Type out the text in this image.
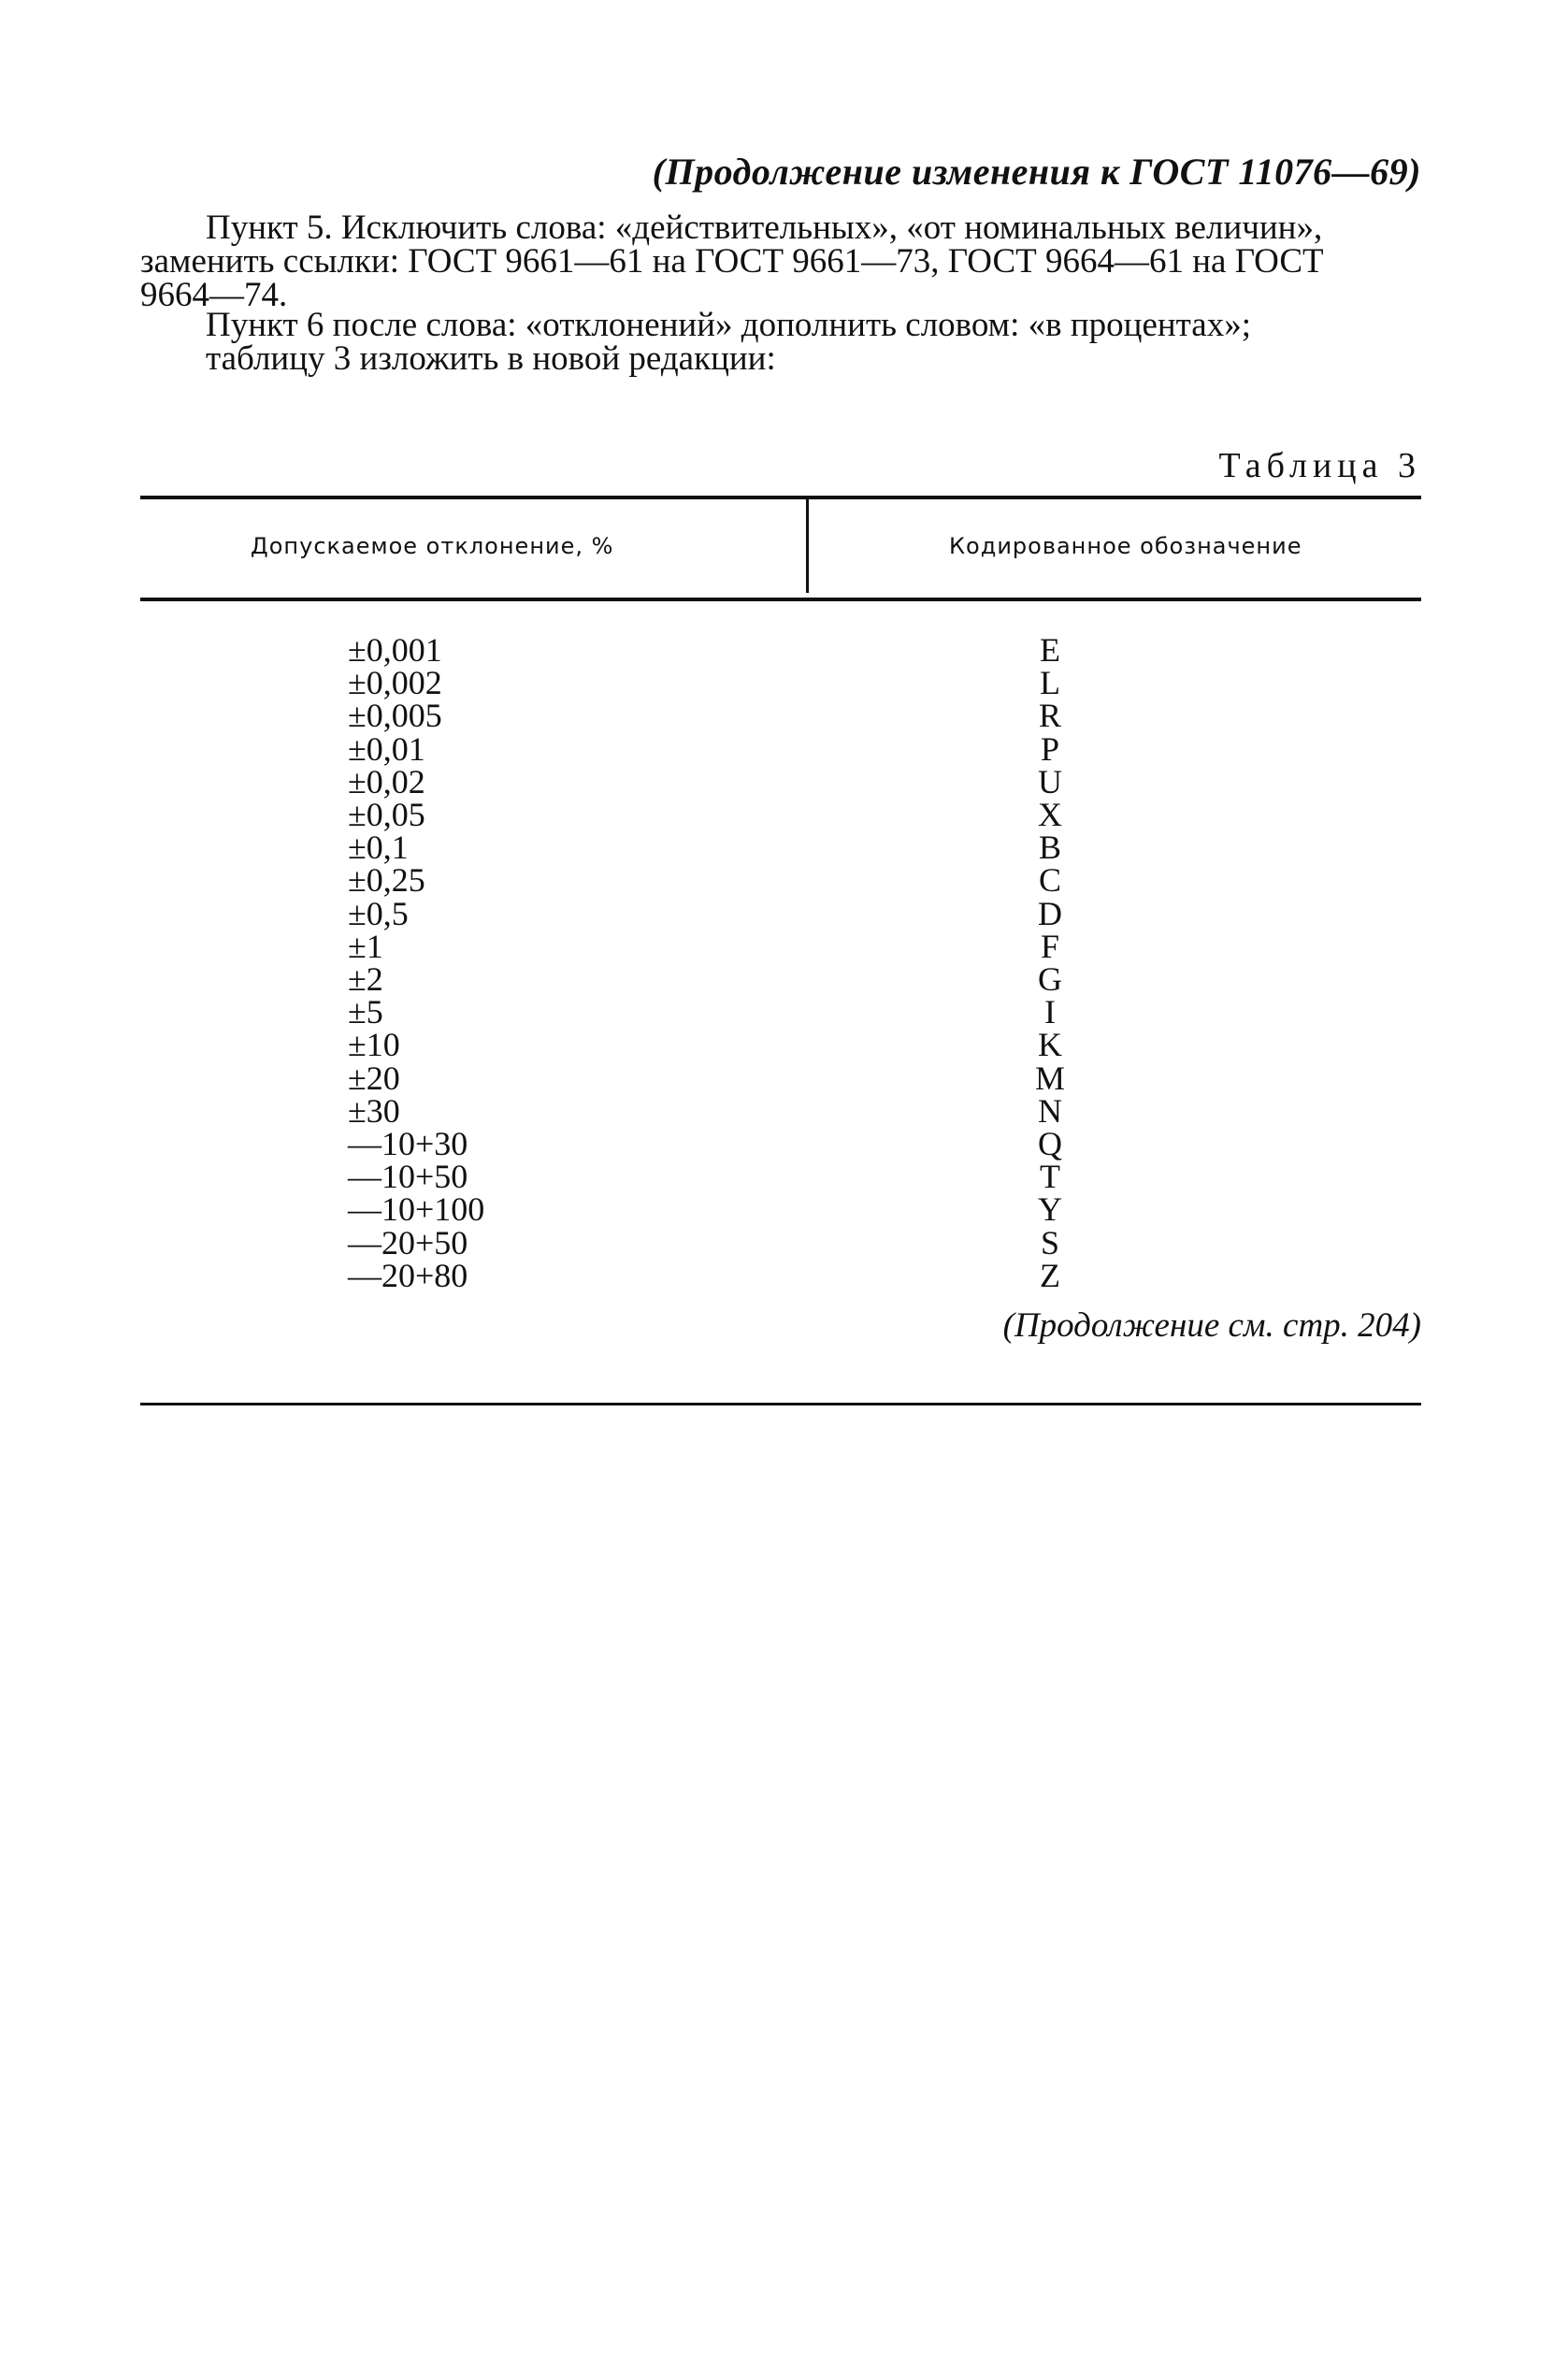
(Продолжение изменения к ГОСТ 11076—69)

Пункт 5. Исключить слова: «действительных», «от номинальных величин»,

заменить ссылки: ГОСТ 9661—61 на ГОСТ 9661—73, ГОСТ 9664—61 на ГОСТ

9664—74.

Пункт 6 после слова: «отклонений» дополнить словом: «в процентах»;

таблицу 3 изложить в новой редакции:

Таблица 3
Допускаемое отклонение, %	Кодированное обозначение
±0,001
±0,002
±0,005
±0,01
±0,02
±0,05
±0,1
±0,25
±0,5
±1
±2
±5
±10
±20
±30
—10+30
—10+50
—10+100
—20+50
—20+80
E
L
R
P
U
X
B
C
D
F
G
I
K
M
N
Q
T
Y
S
Z
(Продолжение см. стр. 204)
